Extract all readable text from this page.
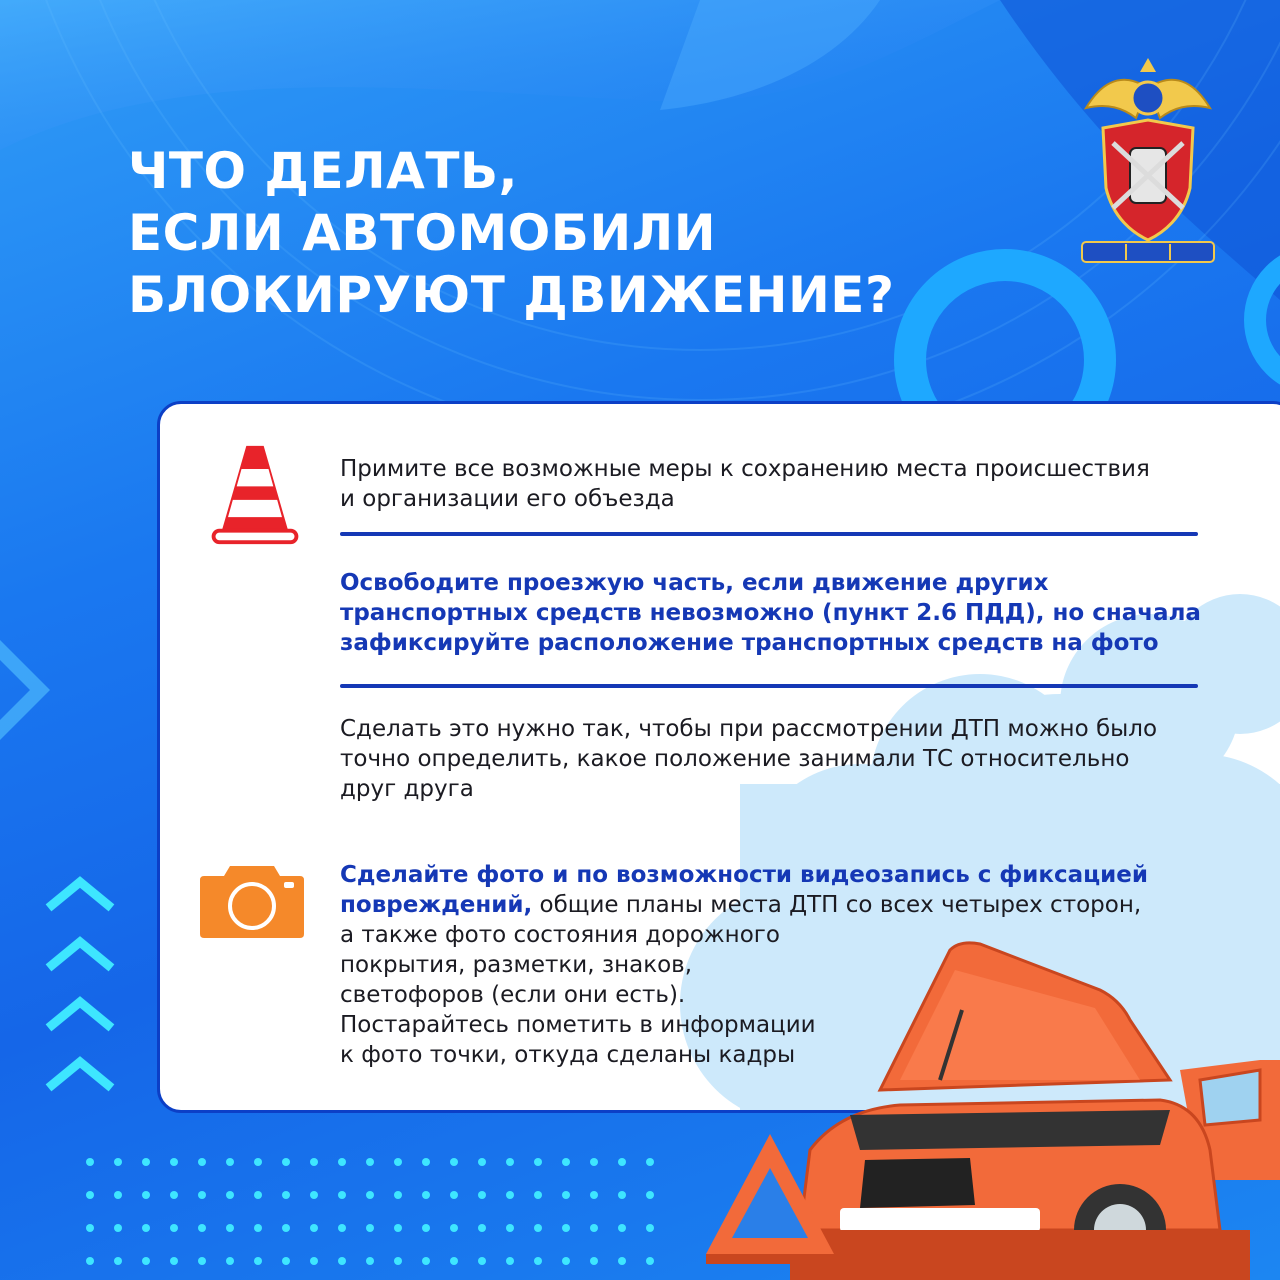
ЧТО ДЕЛАТЬ,
ЕСЛИ АВТОМОБИЛИ
БЛОКИРУЮТ ДВИЖЕНИЕ?
Примите все возможные меры к сохранению места происшествия
и организации его объезда
Освободите проезжую часть, если движение других
транспортных средств невозможно (пункт 2.6 ПДД), но сначала
зафиксируйте расположение транспортных средств на фото
Сделать это нужно так, чтобы при рассмотрении ДТП можно было
точно определить, какое положение занимали ТС относительно
друг друга
Сделайте фото и по возможности видеозапись с фиксацией
повреждений, общие планы места ДТП со всех четырех сторон,
а также фото состояния дорожного
покрытия, разметки, знаков,
светофоров (если они есть).
Постарайтесь пометить в информации
к фото точки, откуда сделаны кадры
